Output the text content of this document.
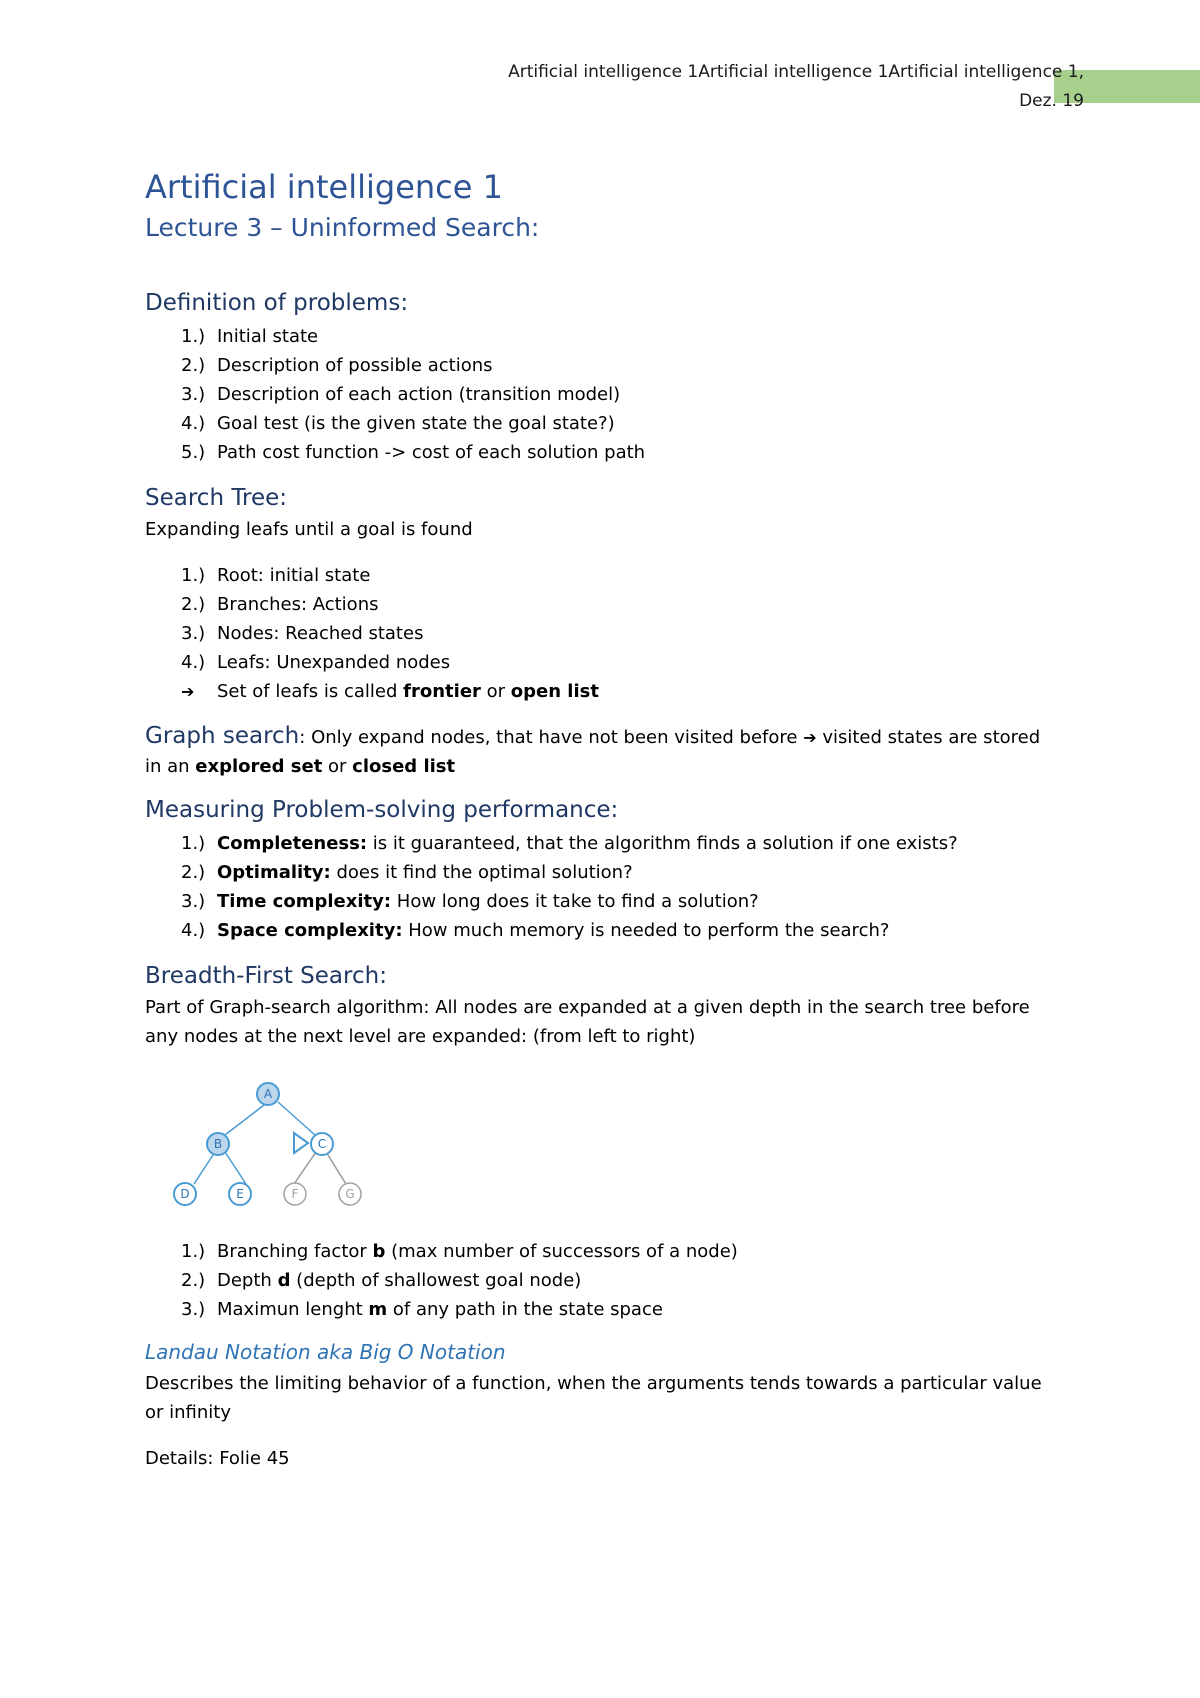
Artificial intelligence 1Artificial intelligence 1Artificial intelligence 1,
Dez. 19
Artificial intelligence 1
Lecture 3 – Uninformed Search:
Definition of problems:
1.) Initial state
2.) Description of possible actions
3.) Description of each action (transition model)
4.) Goal test (is the given state the goal state?)
5.) Path cost function -> cost of each solution path
Search Tree:
Expanding leafs until a goal is found
1.) Root: initial state
2.) Branches: Actions
3.) Nodes: Reached states
4.) Leafs: Unexpanded nodes
➔	Set of leafs is called frontier or open list
Graph search: Only expand nodes, that have not been visited before ➔ visited states are stored in an explored set or closed list
Measuring Problem-solving performance:
1.) Completeness: is it guaranteed, that the algorithm finds a solution if one exists?
2.) Optimality: does it find the optimal solution?
3.) Time complexity: How long does it take to find a solution?
4.) Space complexity: How much memory is needed to perform the search?
Breadth-First Search:
Part of Graph-search algorithm: All nodes are expanded at a given depth in the search tree before any nodes at the next level are expanded: (from left to right)
A
B	C
D	E	F	G
1.) Branching factor b (max number of successors of a node)
2.) Depth d (depth of shallowest goal node)
3.) Maximun lenght m of any path in the state space
Landau Notation aka Big O Notation
Describes the limiting behavior of a function, when the arguments tends towards a particular value or infinity
Details: Folie 45
